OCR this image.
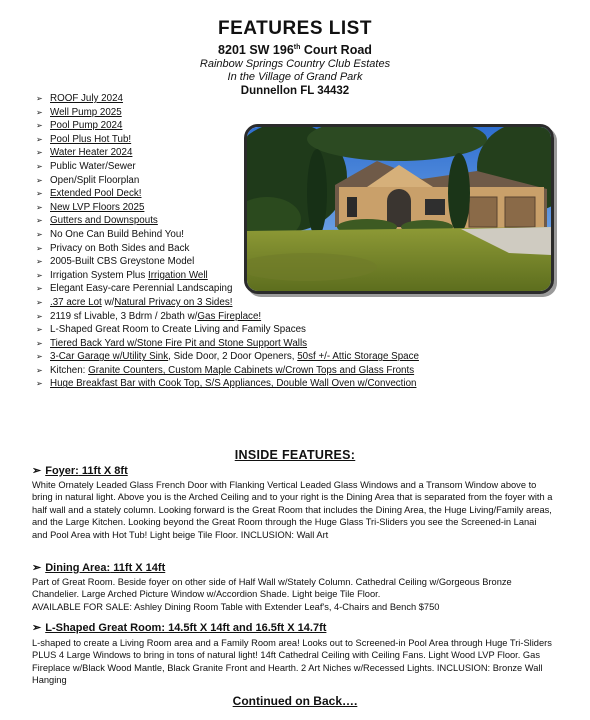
FEATURES LIST
8201 SW 196th Court Road
Rainbow Springs Country Club Estates
In the Village of Grand Park
Dunnellon FL 34432
➢ ROOF July 2024
➢ Well Pump 2025
➢ Pool Pump 2024
➢ Pool Plus Hot Tub!
➢ Water Heater 2024
➢ Public Water/Sewer
➢ Open/Split Floorplan
➢ Extended Pool Deck!
➢ New LVP Floors 2025
➢ Gutters and Downspouts
➢ No One Can Build Behind You!
➢ Privacy on Both Sides and Back
➢ 2005-Built CBS Greystone Model
➢ Irrigation System Plus Irrigation Well
➢ Elegant Easy-care Perennial Landscaping
➢ .37 acre Lot w/Natural Privacy on 3 Sides!
➢ 2119 sf Livable, 3 Bdrm / 2bath w/Gas Fireplace!
➢ L-Shaped Great Room to Create Living and Family Spaces
➢ Tiered Back Yard w/Stone Fire Pit and Stone Support Walls
➢ 3-Car Garage w/Utility Sink, Side Door, 2 Door Openers, 50sf +/- Attic Storage Space
➢ Kitchen: Granite Counters, Custom Maple Cabinets w/Crown Tops and Glass Fronts
➢ Huge Breakfast Bar with Cook Top, S/S Appliances, Double Wall Oven w/Convection
INSIDE FEATURES:
➢ Foyer: 11ft X 8ft
White Ornately Leaded Glass French Door with Flanking Vertical Leaded Glass Windows and a Transom Window above to bring in natural light. Above you is the Arched Ceiling and to your right is the Dining Area that is separated from the foyer with a half wall and a stately column. Looking forward is the Great Room that includes the Dining Area, the Huge Living/Family areas, and the Large Kitchen. Looking beyond the Great Room through the Huge Glass Tri-Sliders you see the Screened-in Lanai and Pool Area with Hot Tub! Light beige Tile Floor. INCLUSION: Wall Art
➢ Dining Area: 11ft X 14ft
Part of Great Room. Beside foyer on other side of Half Wall w/Stately Column. Cathedral Ceiling w/Gorgeous Bronze Chandelier. Large Arched Picture Window w/Accordion Shade. Light beige Tile Floor.
AVAILABLE FOR SALE: Ashley Dining Room Table with Extender Leaf's, 4-Chairs and Bench $750
➢ L-Shaped Great Room: 14.5ft X 14ft and 16.5ft X 14.7ft
L-shaped to create a Living Room area and a Family Room area! Looks out to Screened-in Pool Area through Huge Tri-Sliders PLUS 4 Large Windows to bring in tons of natural light! 14ft Cathedral Ceiling with Ceiling Fans. Light Wood LVP Floor. Gas Fireplace w/Black Wood Mantle, Black Granite Front and Hearth. 2 Art Niches w/Recessed Lights. INCLUSION: Bronze Wall Hanging
Continued on Back….
